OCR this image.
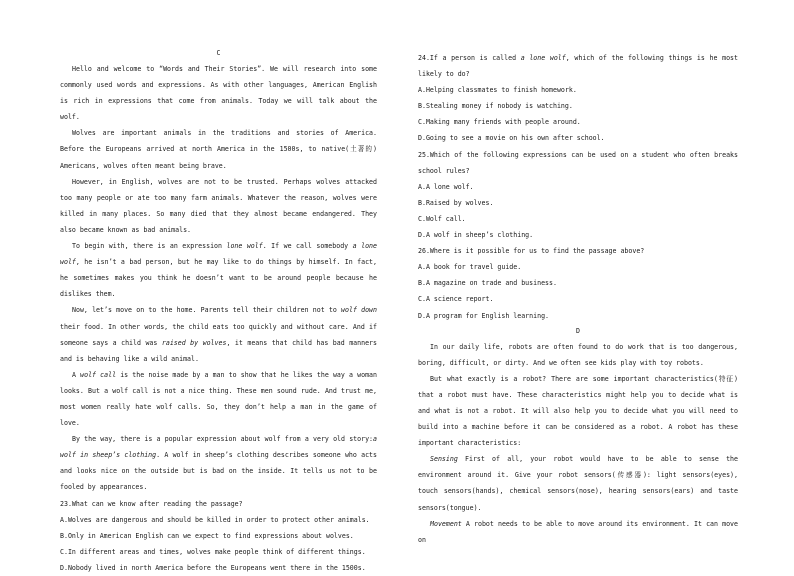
C

Hello and welcome to “Words and Their Stories”. We will research into some commonly used words and expressions. As with other languages, American English is rich in expressions that come from animals. Today we will talk about the wolf.

Wolves are important animals in the traditions and stories of America. Before the Europeans arrived at north America in the 1500s, to native(土著的) Americans, wolves often meant being brave.

However, in English, wolves are not to be trusted. Perhaps wolves attacked too many people or ate too many farm animals. Whatever the reason, wolves were killed in many places. So many died that they almost became endangered. They also became known as bad animals.

To begin with, there is an expression lone wolf. If we call somebody a lone wolf, he isn’t a bad person, but he may like to do things by himself. In fact, he sometimes makes you think he doesn’t want to be around people because he dislikes them.

Now, let’s move on to the home. Parents tell their children not to wolf down their food. In other words, the child eats too quickly and without care. And if someone says a child was raised by wolves, it means that child has bad manners and is behaving like a wild animal.

A wolf call is the noise made by a man to show that he likes the way a woman looks. But a wolf call is not a nice thing. These men sound rude. And trust me, most women really hate wolf calls. So, they don’t help a man in the game of love.

By the way, there is a popular expression about wolf from a very old story:a wolf in sheep’s clothing. A wolf in sheep’s clothing describes someone who acts and looks nice on the outside but is bad on the inside. It tells us not to be fooled by appearances.

23.What can we know after reading the passage?

A.Wolves are dangerous and should be killed in order to protect other animals.

B.Only in American English can we expect to find expressions about wolves.

C.In different areas and times, wolves make people think of different things.

D.Nobody lived in north America before the Europeans went there in the 1500s.

24.If a person is called a lone wolf, which of the following things is he most likely to do?

A.Helping classmates to finish homework.

B.Stealing money if nobody is watching.

C.Making many friends with people around.

D.Going to see a movie on his own after school.

25.Which of the following expressions can be used on a student who often breaks school rules?

A.A lone wolf.

B.Raised by wolves.

C.Wolf call.

D.A wolf in sheep’s clothing.

26.Where is it possible for us to find the passage above?

A.A book for travel guide.

B.A magazine on trade and business.

C.A science report.

D.A program for English learning.

D

In our daily life, robots are often found to do work that is too dangerous, boring, difficult, or dirty. And we often see kids play with toy robots.

But what exactly is a robot? There are some important characteristics(特征) that a robot must have. These characteristics might help you to decide what is and what is not a robot. It will also help you to decide what you will need to build into a machine before it can be considered as a robot. A robot has these important characteristics:

Sensing First of all, your robot would have to be able to sense the environment around it. Give your robot sensors(传感器): light sensors(eyes), touch sensors(hands), chemical sensors(nose), hearing sensors(ears) and taste sensors(tongue).

Movement A robot needs to be able to move around its environment. It can move on
